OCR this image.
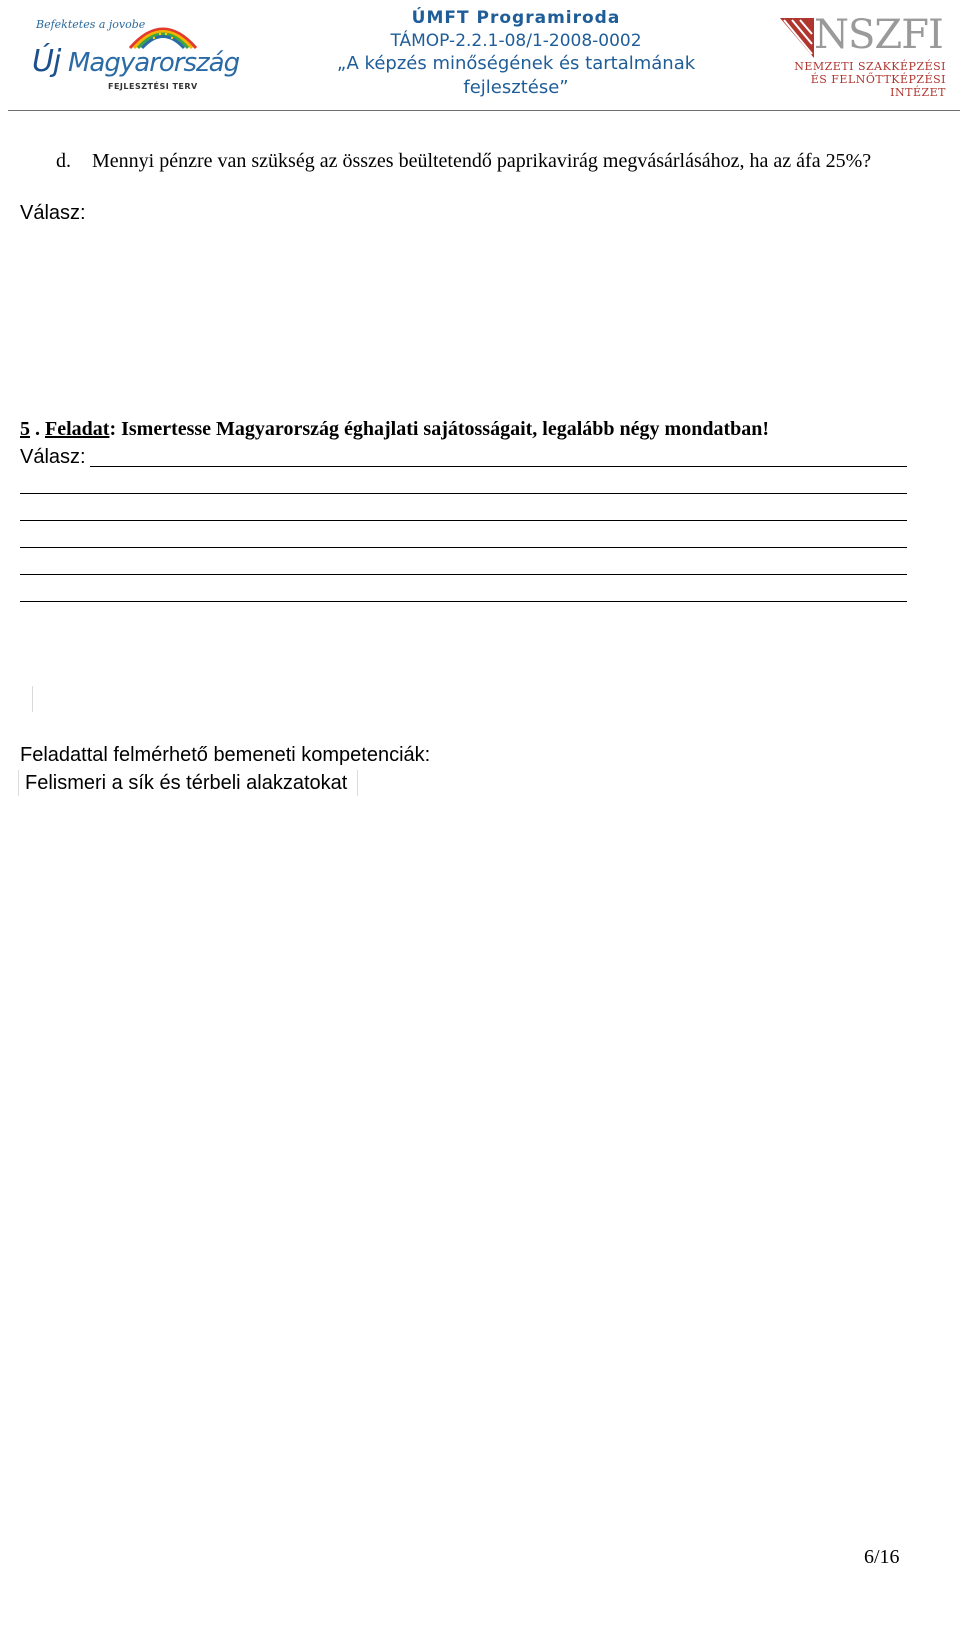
Befektetes a jovobe
Új Magyarország
FEJLESZTÉSI TERV
ÚMFT Programiroda
TÁMOP-2.2.1-08/1-2008-0002
„A képzés minőségének és tartalmának
fejlesztése”
NSZFI
NEMZETI SZAKKÉPZÉSI
ÉS FELNŐTTKÉPZÉSI INTÉZET
d. Mennyi pénzre van szükség az összes beültetendő paprikavirág megvásárlásához, ha az áfa 25%?
Válasz:
5 . Feladat: Ismertesse Magyarország éghajlati sajátosságait, legalább négy mondatban!
Válasz:
Feladattal felmérhető bemeneti kompetenciák:
Felismeri a sík és térbeli alakzatokat
6/16
